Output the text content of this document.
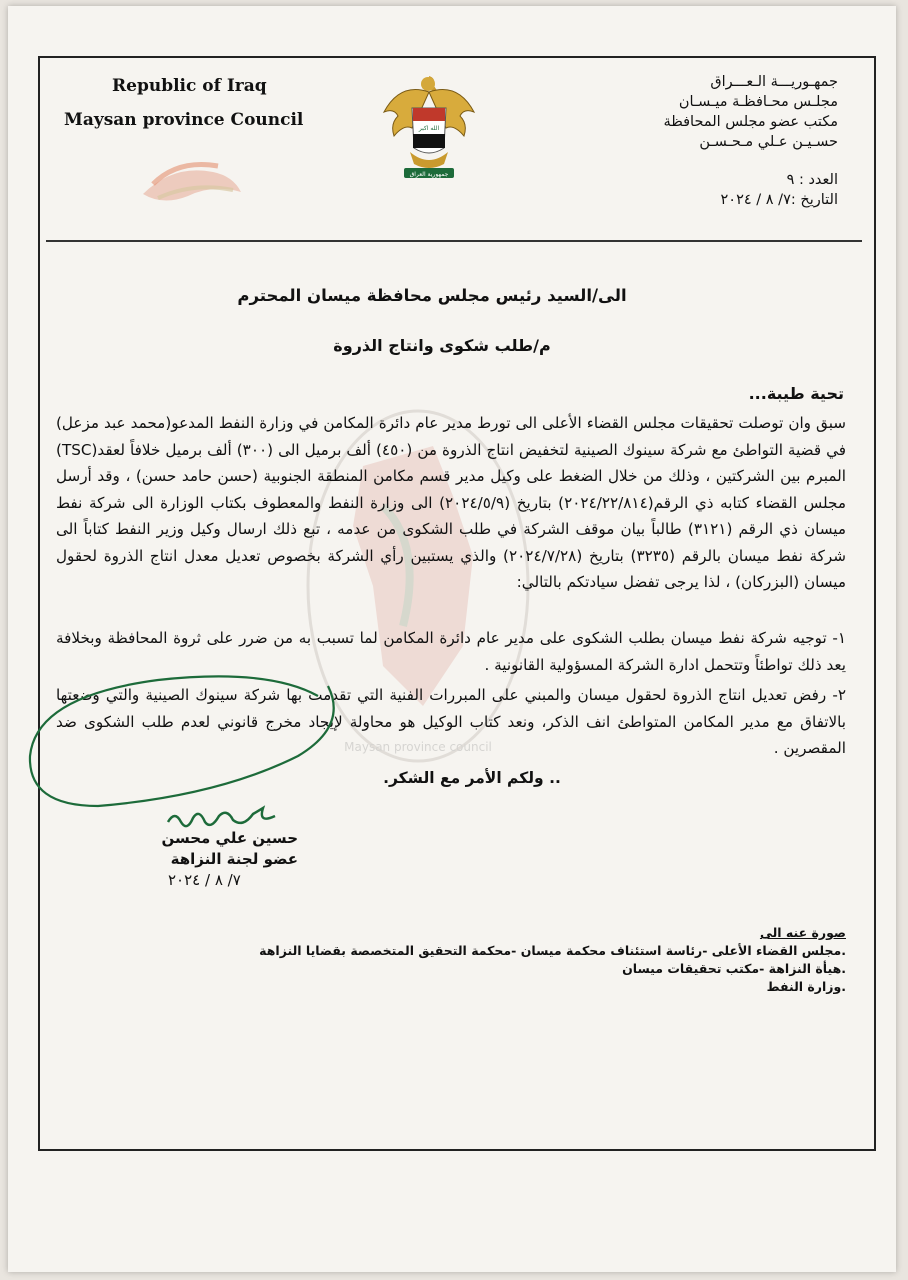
Republic of Iraq
Maysan province Council	الله اكبر
جمهورية العراق
جمهـوريـــة الـعـــراق
مجلـس محـافظـة ميـسـان
مكتب عضو مجلس المحافظة
حسـيـن عـلي مـحـسـن
العدد : ٩
التاريخ :٧/ ٨ / ٢٠٢٤
Maysan province council
الى/السيد رئيس مجلس محافظة ميسان المحترم
م/طلب شكوى وانتاج الذروة
تحية طيبة...
سبق وان توصلت تحقيقات مجلس القضاء الأعلى الى تورط مدير عام دائرة المكامن في وزارة النفط المدعو(محمد عبد مزعل) في قضية التواطئ مع شركة سينوك الصينية لتخفيض انتاج الذروة من (٤٥٠) ألف برميل الى (٣٠٠) ألف برميل خلافاً لعقد(TSC) المبرم بين الشركتين ، وذلك من خلال الضغط على وكيل مدير قسم مكامن المنطقة الجنوبية (حسن حامد حسن) ، وقد أرسل مجلس القضاء كتابه ذي الرقم(٢٠٢٤/٢٢/٨١٤) بتاريخ (٢٠٢٤/٥/٩) الى وزارة النفط والمعطوف بكتاب الوزارة الى شركة نفط ميسان ذي الرقم (٣١٢١) طالباً بيان موقف الشركة في طلب الشكوى من عدمه ، تبع ذلك ارسال وكيل وزير النفط كتاباً الى شركة نفط ميسان بالرقم (٣٢٣٥) بتاريخ (٢٠٢٤/٧/٢٨) والذي يستبين رأي الشركة بخصوص تعديل معدل انتاج الذروة لحقول ميسان (البزركان) ، لذا يرجى تفضل سيادتكم بالتالي:
١- توجيه شركة نفط ميسان بطلب الشكوى على مدير عام دائرة المكامن لما تسبب به من ضرر على ثروة المحافظة وبخلافة يعد ذلك تواطئاً وتتحمل ادارة الشركة المسؤولية القانونية .
٢- رفض تعديل انتاج الذروة لحقول ميسان والمبني على المبررات الفنية التي تقدمت بها شركة سينوك الصينية والتي وضعتها بالاتفاق مع مدير المكامن المتواطئ انف الذكر، ونعد كتاب الوكيل هو محاولة لإيجاد مخرج قانوني لعدم طلب الشكوى ضد المقصرين .
.. ولكم الأمر مع الشكر.
حسين علي محسن
عضو لجنة النزاهة
٧/ ٨ / ٢٠٢٤
صورة عنه الى
.مجلس القضاء الأعلى -رئاسة استئناف محكمة ميسان -محكمة التحقيق المتخصصة بقضايا النزاهة
.هيأة النزاهة -مكتب تحقيقات ميسان
.وزارة النفط
